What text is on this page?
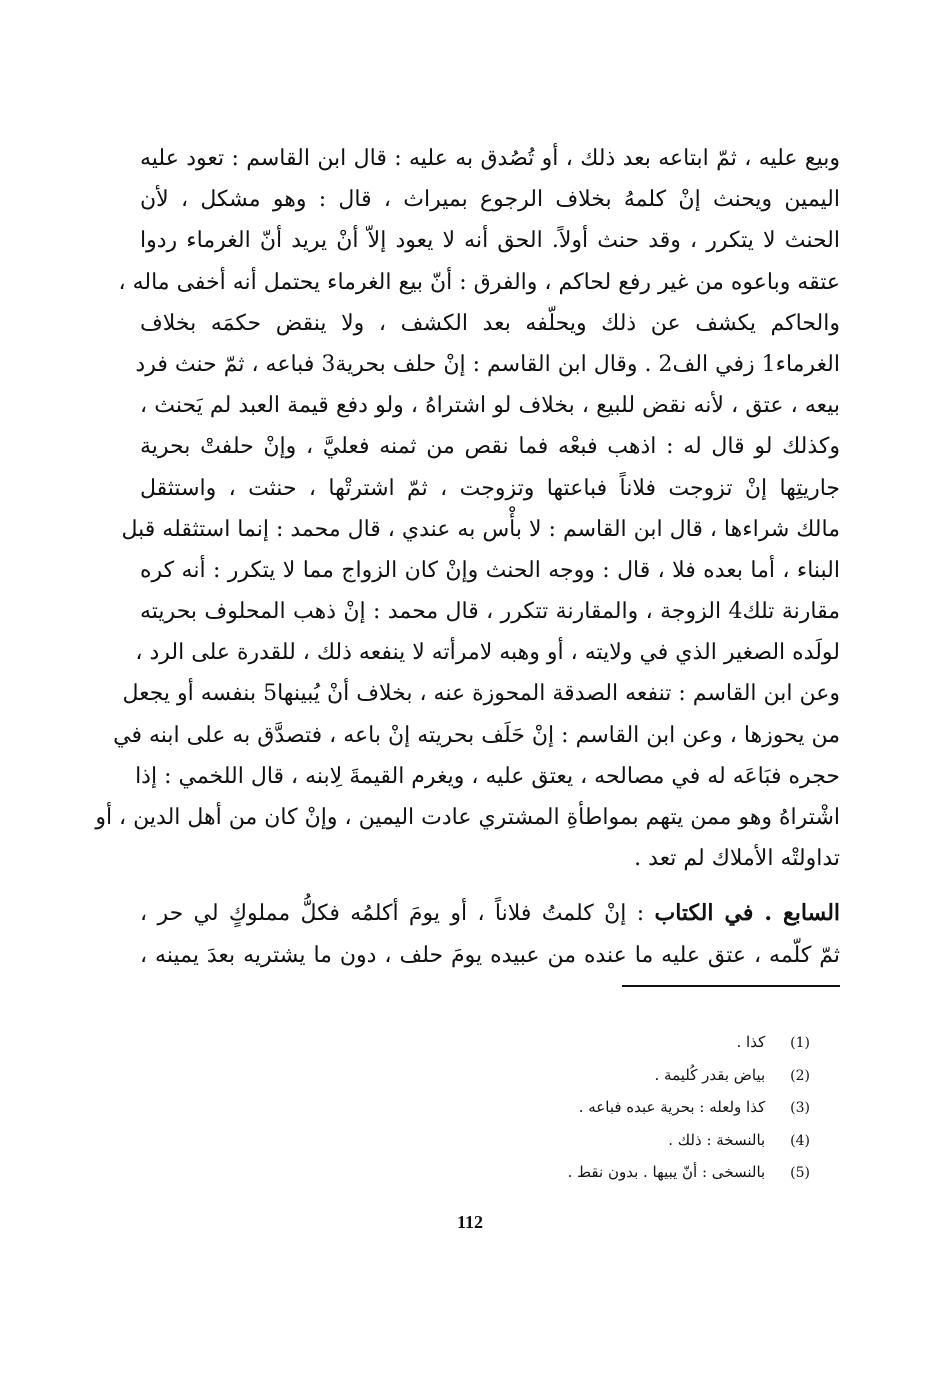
وبيع عليه ، ثمّ ابتاعه بعد ذلك ، أو تُصُدق به عليه : قال ابن القاسم : تعود عليه
اليمين ويحنث إنْ كلمهُ بخلاف الرجوع بميراث ، قال : وهو مشكل ، لأن
الحنث لا يتكرر ، وقد حنث أولاً. الحق أنه لا يعود إلاّ أنْ يريد أنّ الغرماء ردوا
عتقه وباعوه من غير رفع لحاكم ، والفرق : أنّ بيع الغرماء يحتمل أنه أخفى ماله ،
والحاكم يكشف عن ذلك ويحلّفه بعد الكشف ، ولا ينقض حكمَه بخلاف
الغرماء1 زفي الف2 . وقال ابن القاسم : إنْ حلف بحرية3 فباعه ، ثمّ حنث فرد
بيعه ، عتق ، لأنه نقض للبيع ، بخلاف لو اشتراهُ ، ولو دفع قيمة العبد لم يَحنث ،
وكذلك لو قال له : اذهب فبعْه فما نقص من ثمنه فعليَّ ، وإنْ حلفتْ بحرية
جاريتِها إنْ تزوجت فلاناً فباعتها وتزوجت ، ثمّ اشترتْها ، حنثت ، واستثقل
مالك شراءها ، قال ابن القاسم : لا بأْس به عندي ، قال محمد : إنما استثقله قبل
البناء ، أما بعده فلا ، قال : ووجه الحنث وإنْ كان الزواج مما لا يتكرر : أنه كره
مقارنة تلك4 الزوجة ، والمقارنة تتكرر ، قال محمد : إنْ ذهب المحلوف بحريته
لولَده الصغير الذي في ولايته ، أو وهبه لامرأته لا ينفعه ذلك ، للقدرة على الرد ،
وعن ابن القاسم : تنفعه الصدقة المحوزة عنه ، بخلاف أنْ يُبينها5 بنفسه أو يجعل
من يحوزها ، وعن ابن القاسم : إنْ حَلَف بحريته إنْ باعه ، فتصدَّق به على ابنه في
حجره فبَاعَه له في مصالحه ، يعتق عليه ، ويغرم القيمةَ لِابنه ، قال اللخمي : إذا
اشْتراهُ وهو ممن يتهم بمواطأةِ المشتري عادت اليمين ، وإنْ كان من أهل الدين ، أو
تداولتْه الأملاك لم تعد .
السابع . في الكتاب : إنْ كلمتُ فلاناً ، أو يومَ أكلمُه فكلُّ مملوكٍ لي حر ،
ثمّ كلّمه ، عتق عليه ما عنده من عبيده يومَ حلف ، دون ما يشتريه بعدَ يمينه ،
(1) كذا .
(2) بياض بقدر كُليمة .
(3) كذا ولعله : بحرية عبده فباعه .
(4) بالنسخة : ذلك .
(5) بالنسخى : أنّ يبيها . بدون نقط .
112
